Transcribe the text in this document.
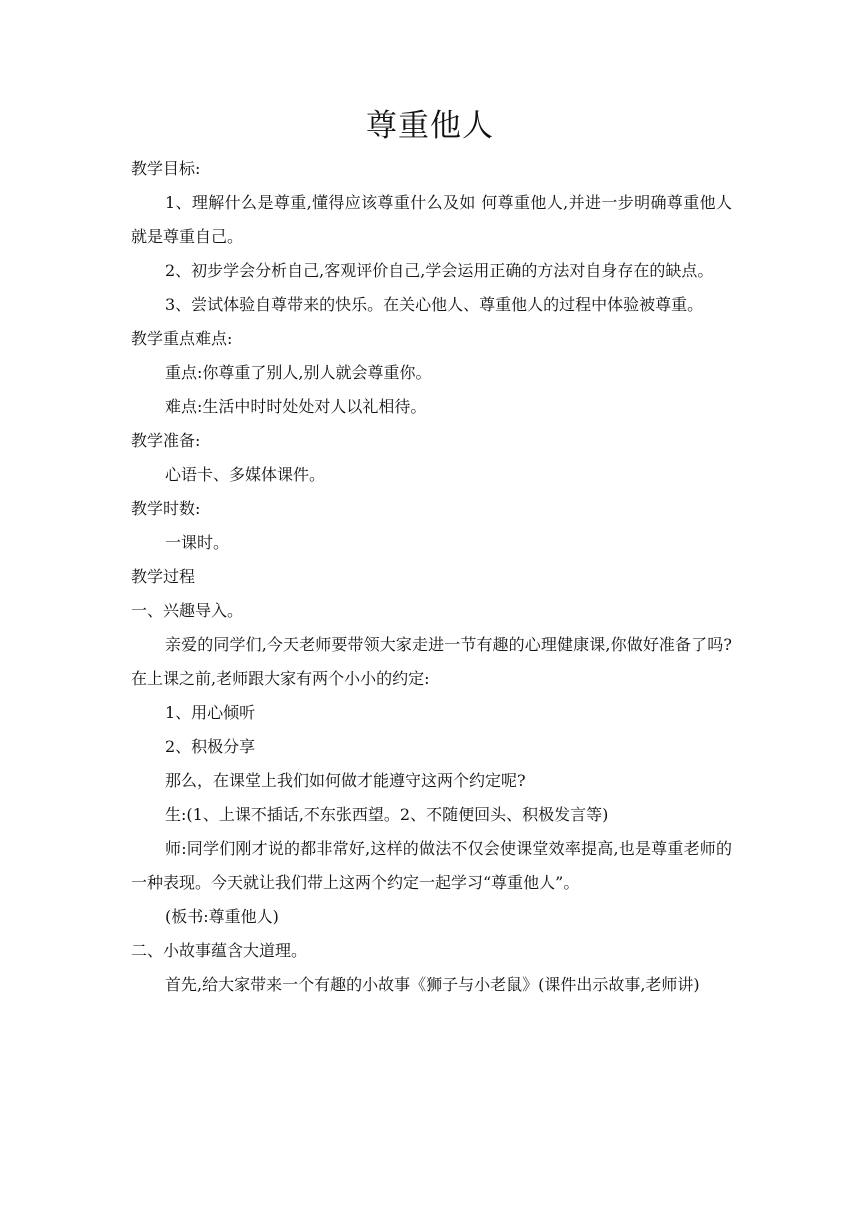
尊重他人

教学目标:

1、理解什么是尊重,懂得应该尊重什么及如 何尊重他人,并进一步明确尊重他人就是尊重自己。

2、初步学会分析自己,客观评价自己,学会运用正确的方法对自身存在的缺点。

3、尝试体验自尊带来的快乐。在关心他人、尊重他人的过程中体验被尊重。

教学重点难点:

重点:你尊重了别人,别人就会尊重你。

难点:生活中时时处处对人以礼相待。

教学准备:

心语卡、多媒体课件。

教学时数:

一课时。

教学过程

一、兴趣导入。

亲爱的同学们,今天老师要带领大家走进一节有趣的心理健康课,你做好准备了吗?在上课之前,老师跟大家有两个小小的约定:

1、用心倾听

2、积极分享

那么，在课堂上我们如何做才能遵守这两个约定呢?

生:(1、上课不插话,不东张西望。2、不随便回头、积极发言等)

师:同学们刚才说的都非常好,这样的做法不仅会使课堂效率提高,也是尊重老师的一种表现。今天就让我们带上这两个约定一起学习“尊重他人”。

(板书:尊重他人)

二、小故事蕴含大道理。

首先,给大家带来一个有趣的小故事《狮子与小老鼠》(课件出示故事,老师讲)
